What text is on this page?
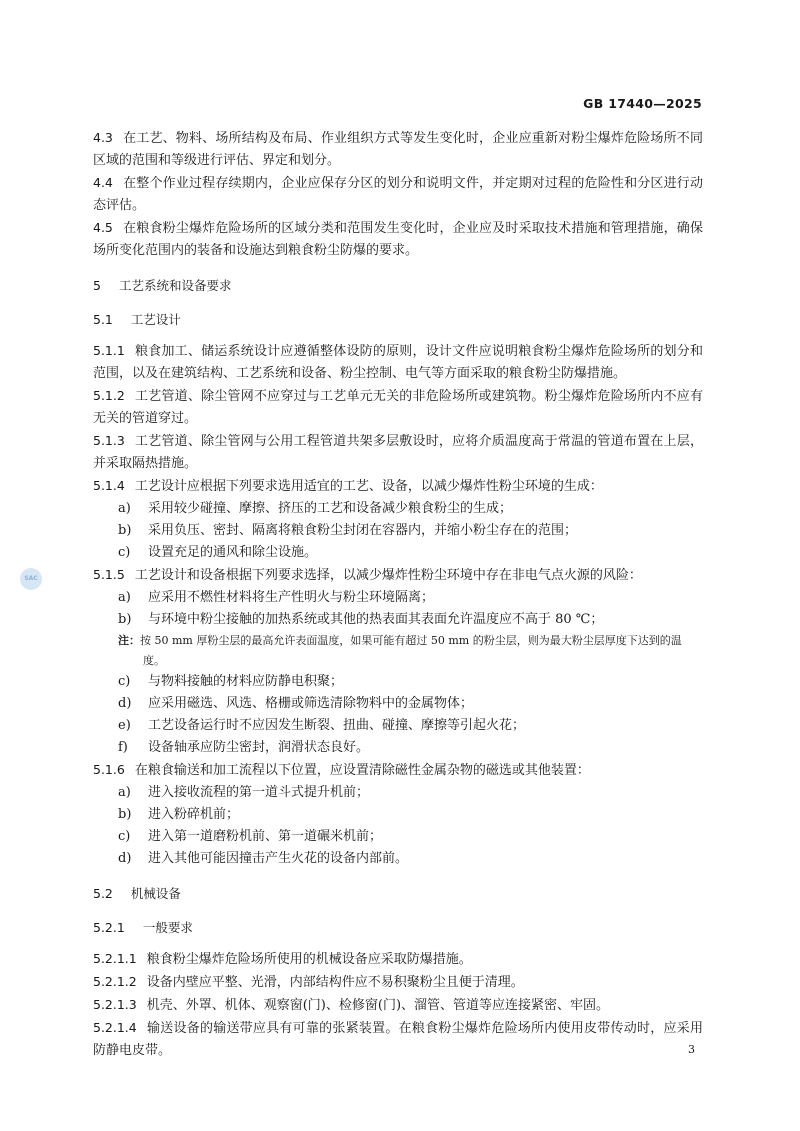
GB 17440—2025
SAC

4.3 在工艺、物料、场所结构及布局、作业组织方式等发生变化时，企业应重新对粉尘爆炸危险场所不同区域的范围和等级进行评估、界定和划分。

4.4 在整个作业过程存续期内，企业应保存分区的划分和说明文件，并定期对过程的危险性和分区进行动态评估。

4.5 在粮食粉尘爆炸危险场所的区域分类和范围发生变化时，企业应及时采取技术措施和管理措施，确保场所变化范围内的装备和设施达到粮食粉尘防爆的要求。

5 工艺系统和设备要求

5.1 工艺设计

5.1.1 粮食加工、储运系统设计应遵循整体设防的原则，设计文件应说明粮食粉尘爆炸危险场所的划分和范围，以及在建筑结构、工艺系统和设备、粉尘控制、电气等方面采取的粮食粉尘防爆措施。

5.1.2 工艺管道、除尘管网不应穿过与工艺单元无关的非危险场所或建筑物。粉尘爆炸危险场所内不应有无关的管道穿过。

5.1.3 工艺管道、除尘管网与公用工程管道共架多层敷设时，应将介质温度高于常温的管道布置在上层，并采取隔热措施。

5.1.4 工艺设计应根据下列要求选用适宜的工艺、设备，以减少爆炸性粉尘环境的生成：

a) 采用较少碰撞、摩擦、挤压的工艺和设备减少粮食粉尘的生成；

b) 采用负压、密封、隔离将粮食粉尘封闭在容器内，并缩小粉尘存在的范围；

c) 设置充足的通风和除尘设施。

5.1.5 工艺设计和设备根据下列要求选择，以减少爆炸性粉尘环境中存在非电气点火源的风险：

a) 应采用不燃性材料将生产性明火与粉尘环境隔离；

b) 与环境中粉尘接触的加热系统或其他的热表面其表面允许温度应不高于 80 ℃；

注：按 50 mm 厚粉尘层的最高允许表面温度，如果可能有超过 50 mm 的粉尘层，则为最大粉尘层厚度下达到的温度。

c) 与物料接触的材料应防静电积聚；

d) 应采用磁选、风选、格栅或筛选清除物料中的金属物体；

e) 工艺设备运行时不应因发生断裂、扭曲、碰撞、摩擦等引起火花；

f) 设备轴承应防尘密封，润滑状态良好。

5.1.6 在粮食输送和加工流程以下位置，应设置清除磁性金属杂物的磁选或其他装置：

a) 进入接收流程的第一道斗式提升机前；

b) 进入粉碎机前；

c) 进入第一道磨粉机前、第一道碾米机前；

d) 进入其他可能因撞击产生火花的设备内部前。

5.2 机械设备

5.2.1 一般要求

5.2.1.1 粮食粉尘爆炸危险场所使用的机械设备应采取防爆措施。

5.2.1.2 设备内壁应平整、光滑，内部结构件应不易积聚粉尘且便于清理。

5.2.1.3 机壳、外罩、机体、观察窗(门)、检修窗(门)、溜管、管道等应连接紧密、牢固。

5.2.1.4 输送设备的输送带应具有可靠的张紧装置。在粮食粉尘爆炸危险场所内使用皮带传动时，应采用防静电皮带。	3
